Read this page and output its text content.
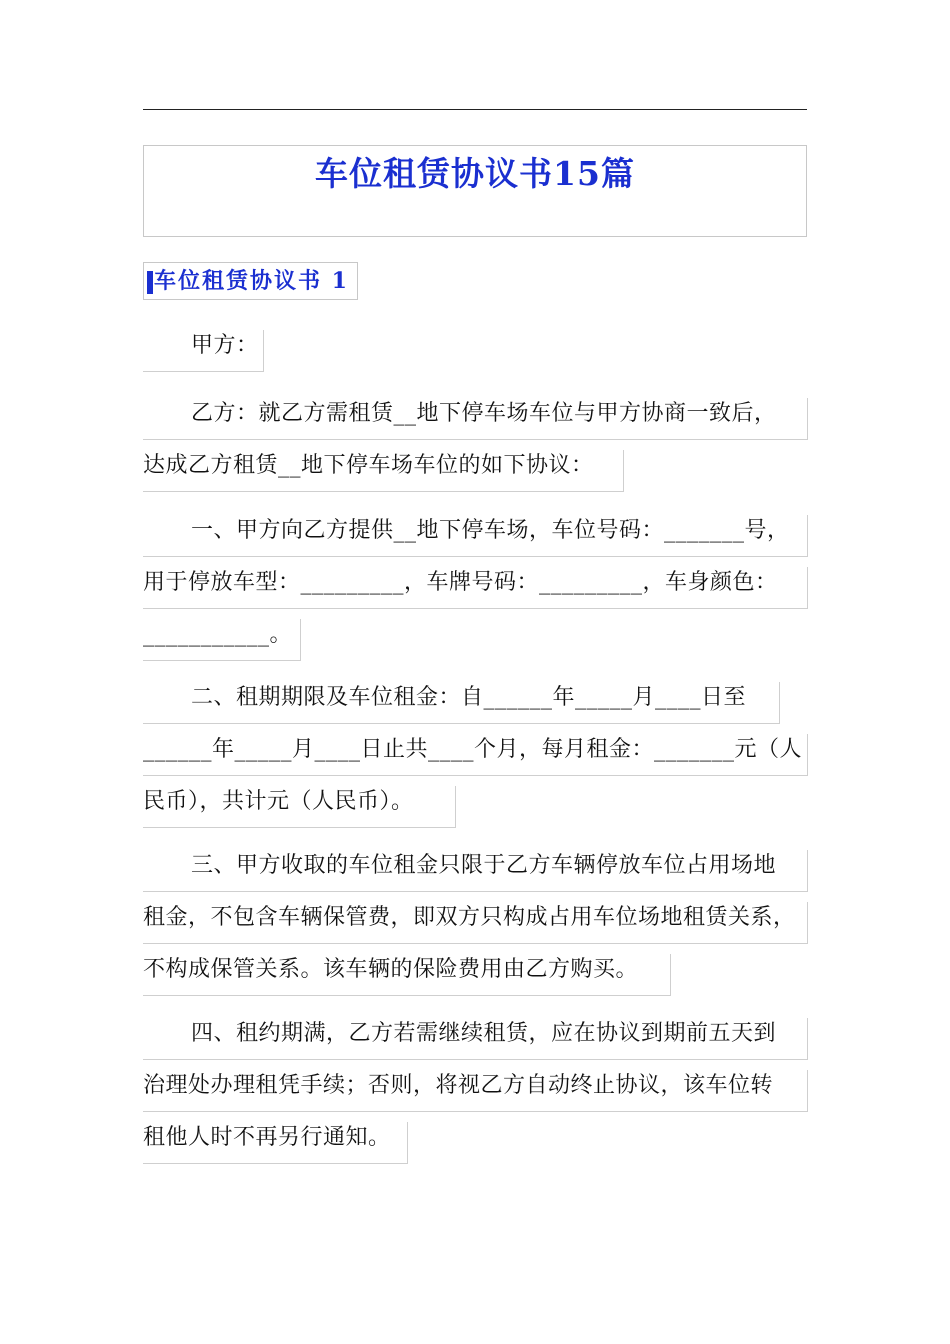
车位租赁协议书15篇
车位租赁协议书 1
甲方：
乙方：就乙方需租赁__地下停车场车位与甲方协商一致后，
达成乙方租赁__地下停车场车位的如下协议：
一、甲方向乙方提供__地下停车场，车位号码：_______号，
用于停放车型：_________，车牌号码：_________，车身颜色：
___________。
二、租期期限及车位租金：自______年_____月____日至
______年_____月____日止共____个月，每月租金：_______元（人
民币），共计元（人民币）。
三、甲方收取的车位租金只限于乙方车辆停放车位占用场地
租金，不包含车辆保管费，即双方只构成占用车位场地租赁关系，
不构成保管关系。该车辆的保险费用由乙方购买。
四、租约期满，乙方若需继续租赁，应在协议到期前五天到
治理处办理租凭手续；否则，将视乙方自动终止协议，该车位转
租他人时不再另行通知。
